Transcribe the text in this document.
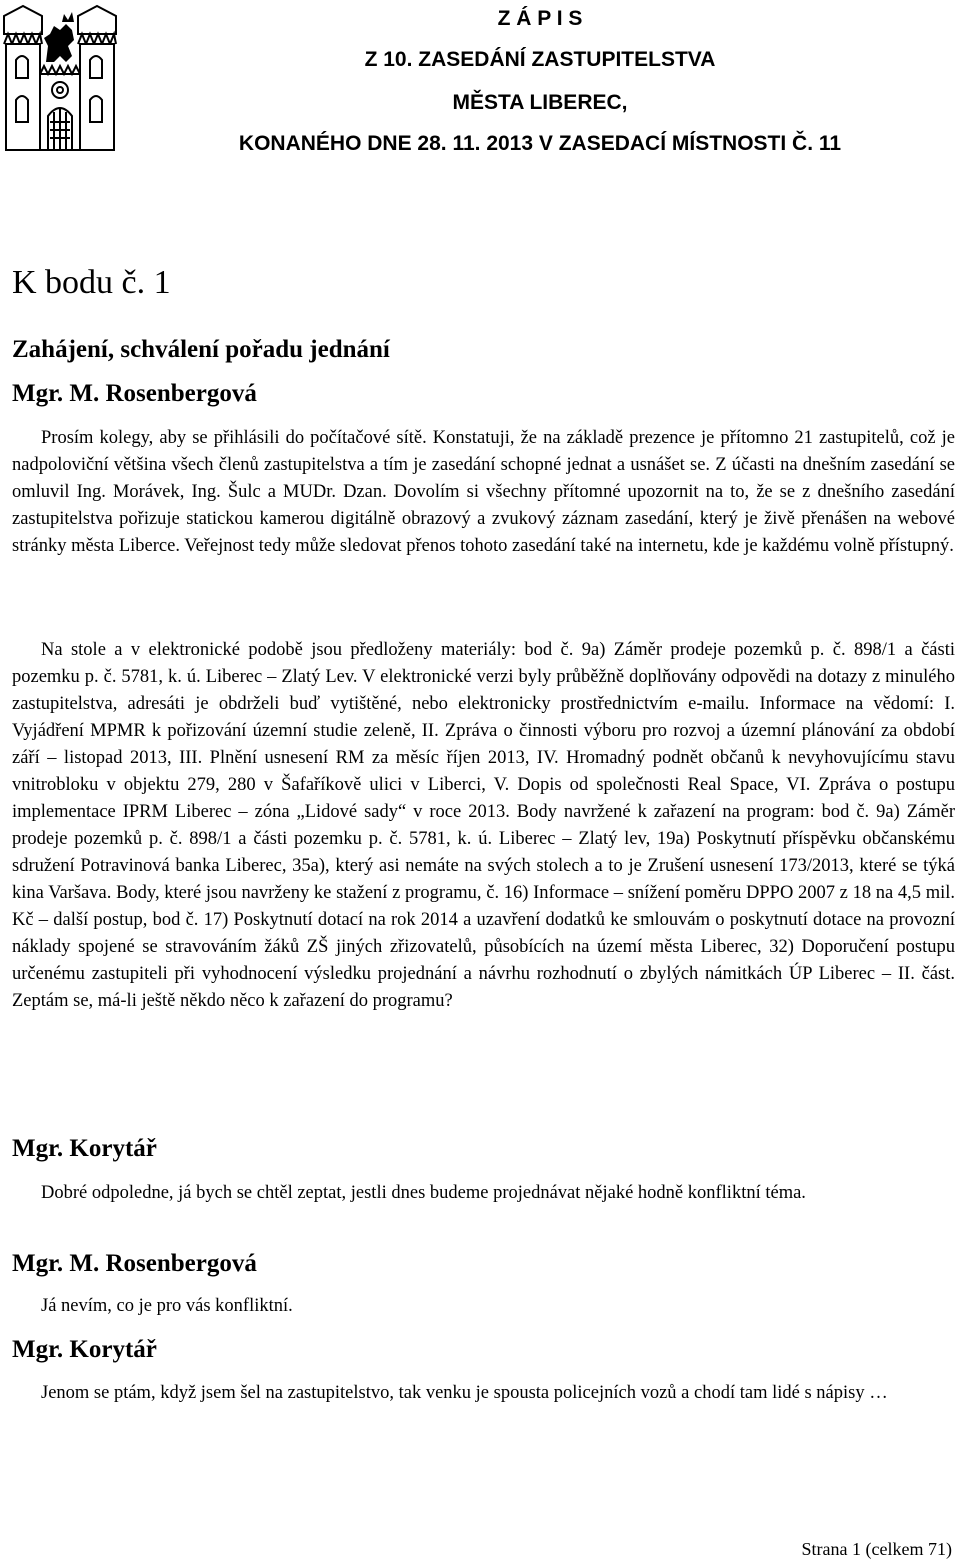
Z Á P I S
Z 10. ZASEDÁNÍ ZASTUPITELSTVA
MĚSTA LIBEREC,
KONANÉHO DNE 28. 11. 2013 V ZASEDACÍ MÍSTNOSTI Č. 11
K bodu č. 1
Zahájení, schválení pořadu jednání
Mgr. M. Rosenbergová
Prosím kolegy, aby se přihlásili do počítačové sítě. Konstatuji, že na základě prezence je přítomno 21 zastupitelů, což je nadpoloviční většina všech členů zastupitelstva a tím je zasedání schopné jednat a usnášet se. Z účasti na dnešním zasedání se omluvil Ing. Morávek, Ing. Šulc a MUDr. Dzan. Dovolím si všechny přítomné upozornit na to, že se z dnešního zasedání zastupitelstva pořizuje statickou kamerou digitálně obrazový a zvukový záznam zasedání, který je živě přenášen na webové stránky města Liberce. Veřejnost tedy může sledovat přenos tohoto zasedání také na internetu, kde je každému volně přístupný.
Na stole a v elektronické podobě jsou předloženy materiály: bod č. 9a) Záměr prodeje pozemků p. č. 898/1 a části pozemku p. č. 5781, k. ú. Liberec – Zlatý Lev. V elektronické verzi byly průběžně doplňovány odpovědi na dotazy z minulého zastupitelstva, adresáti je obdrželi buď vytištěné, nebo elektronicky prostřednictvím e-mailu. Informace na vědomí: I. Vyjádření MPMR k pořizování územní studie zeleně, II. Zpráva o činnosti výboru pro rozvoj a územní plánování za období září – listopad 2013, III. Plnění usnesení RM za měsíc říjen 2013, IV. Hromadný podnět občanů k nevyhovujícímu stavu vnitrobloku v objektu 279, 280 v Šafaříkově ulici v Liberci, V. Dopis od společnosti Real Space, VI. Zpráva o postupu implementace IPRM Liberec – zóna „Lidové sady“ v roce 2013. Body navržené k zařazení na program: bod č. 9a) Záměr prodeje pozemků p. č. 898/1 a části pozemku p. č. 5781, k. ú. Liberec – Zlatý lev, 19a) Poskytnutí příspěvku občanskému sdružení Potravinová banka Liberec, 35a), který asi nemáte na svých stolech a to je Zrušení usnesení 173/2013, které se týká kina Varšava. Body, které jsou navrženy ke stažení z programu, č. 16) Informace – snížení poměru DPPO 2007 z 18 na 4,5 mil. Kč – další postup, bod č. 17) Poskytnutí dotací na rok 2014 a uzavření dodatků ke smlouvám o poskytnutí dotace na provozní náklady spojené se stravováním žáků ZŠ jiných zřizovatelů, působících na území města Liberec, 32) Doporučení postupu určenému zastupiteli při vyhodnocení výsledku projednání a návrhu rozhodnutí o zbylých námitkách ÚP Liberec – II. část. Zeptám se, má-li ještě někdo něco k zařazení do programu?
Mgr. Korytář
Dobré odpoledne, já bych se chtěl zeptat, jestli dnes budeme projednávat nějaké hodně konfliktní téma.
Mgr. M. Rosenbergová
Já nevím, co je pro vás konfliktní.
Mgr. Korytář
Jenom se ptám, když jsem šel na zastupitelstvo, tak venku je spousta policejních vozů a chodí tam lidé s nápisy …
Strana 1 (celkem 71)
